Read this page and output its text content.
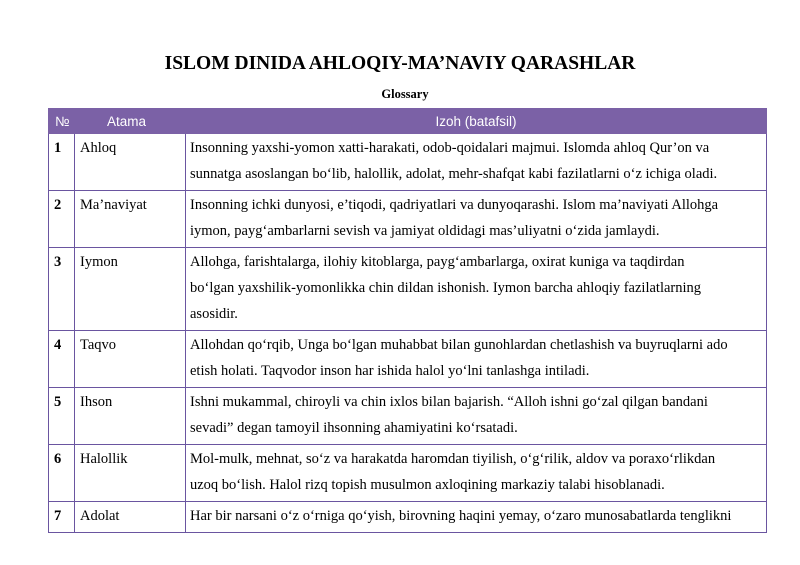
ISLOM DINIDA AHLOQIY-MA’NAVIY QARASHLAR
Glossary
№	Atama	Izoh (batafsil)
1	Ahloq	Insonning yaxshi-yomon xatti-harakati, odob-qoidalari majmui. Islomda ahloq Qur’on va
sunnatga asoslangan bo‘lib, halollik, adolat, mehr-shafqat kabi fazilatlarni o‘z ichiga oladi.

2	Ma’naviyat	Insonning ichki dunyosi, e’tiqodi, qadriyatlari va dunyoqarashi. Islom ma’naviyati Allohga
iymon, payg‘ambarlarni sevish va jamiyat oldidagi mas’uliyatni o‘zida jamlaydi.

3	Iymon	Allohga, farishtalarga, ilohiy kitoblarga, payg‘ambarlarga, oxirat kuniga va taqdirdan
bo‘lgan yaxshilik-yomonlikka chin dildan ishonish. Iymon barcha ahloqiy fazilatlarning
asosidir.

4	Taqvo	Allohdan qo‘rqib, Unga bo‘lgan muhabbat bilan gunohlardan chetlashish va buyruqlarni ado
etish holati. Taqvodor inson har ishida halol yo‘lni tanlashga intiladi.

5	Ihson	Ishni mukammal, chiroyli va chin ixlos bilan bajarish. “Alloh ishni go‘zal qilgan bandani
sevadi” degan tamoyil ihsonning ahamiyatini ko‘rsatadi.

6	Halollik	Mol-mulk, mehnat, so‘z va harakatda haromdan tiyilish, o‘g‘rilik, aldov va poraxo‘rlikdan
uzoq bo‘lish. Halol rizq topish musulmon axloqining markaziy talabi hisoblanadi.

7	Adolat	Har bir narsani o‘z o‘rniga qo‘yish, birovning haqini yemay, o‘zaro munosabatlarda tenglikni
